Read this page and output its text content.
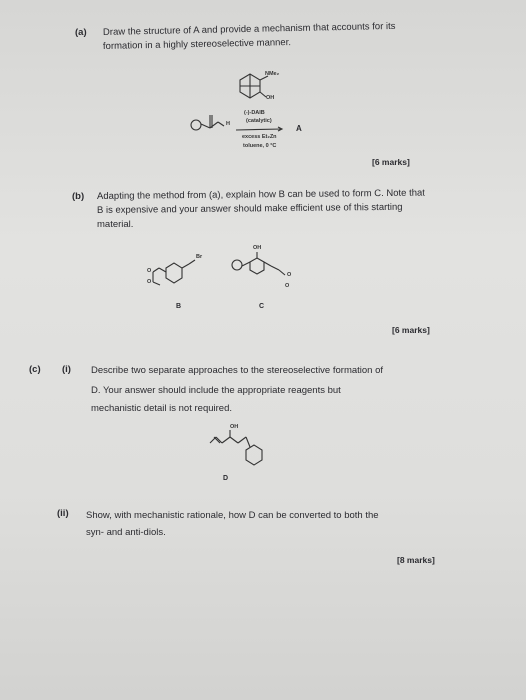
(a) Draw the structure of A and provide a mechanism that accounts for its
formation in a highly stereoselective manner.
NMe₂
OH
(-)-DAIB
(catalytic)
H
excess Et₂Zn
toluene, 0 °C
A
[6 marks]
(b) Adapting the method from (a), explain how B can be used to form C. Note that
B is expensive and your answer should make efficient use of this starting
material.
Br
O
O
B
OH
O
O
C
[6 marks]
(c) (i) Describe two separate approaches to the stereoselective formation of
D. Your answer should include the appropriate reagents but
mechanistic detail is not required.
OH
D
(ii) Show, with mechanistic rationale, how D can be converted to both the
syn- and anti-diols.
[8 marks]
